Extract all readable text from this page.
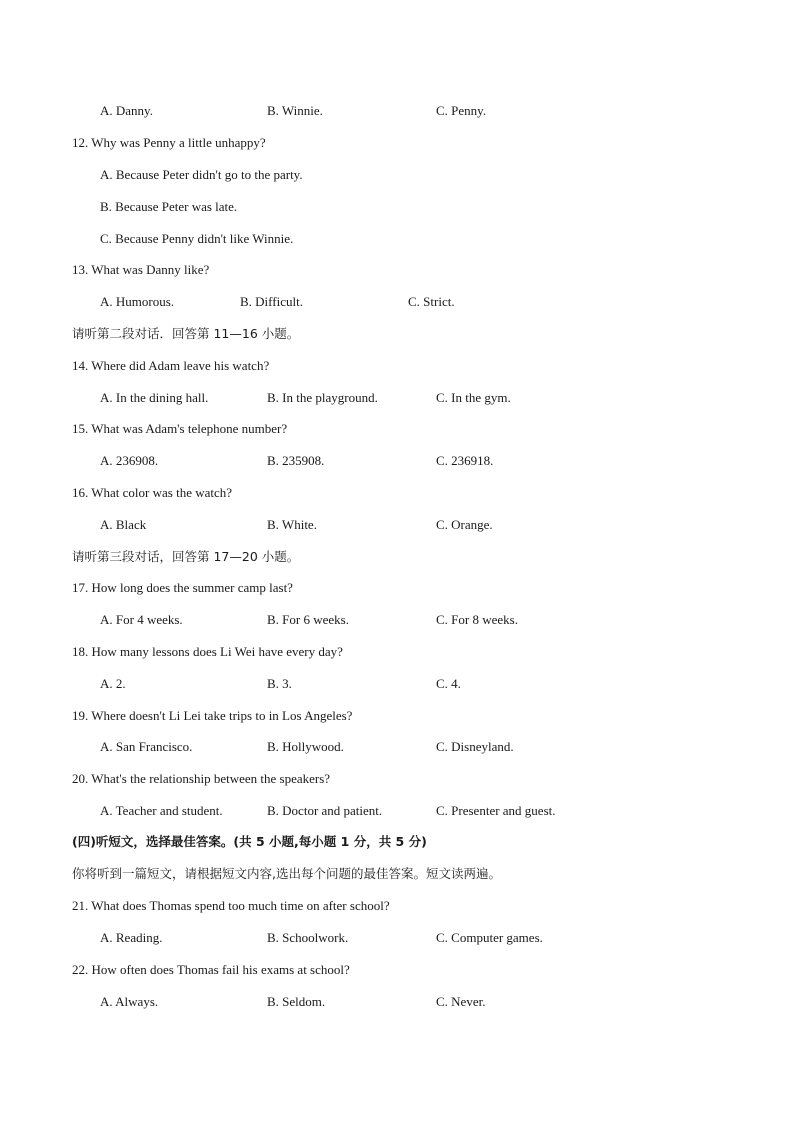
A. Danny.	B. Winnie.	C. Penny.
12. Why was Penny a little unhappy?
A. Because Peter didn't go to the party.
B. Because Peter was late.
C. Because Penny didn't like Winnie.
13. What was Danny like?
A. Humorous.	B. Difficult.	C. Strict.
请听第二段对话．回答第 11—16 小题。
14. Where did Adam leave his watch?
A. In the dining hall.	B. In the playground.	C. In the gym.
15. What was Adam's telephone number?
A. 236908.	B. 235908.	C. 236918.
16. What color was the watch?
A. Black	B. White.	C. Orange.
请听第三段对话，回答第 17—20 小题。
17. How long does the summer camp last?
A. For 4 weeks.	B. For 6 weeks.	C. For 8 weeks.
18. How many lessons does Li Wei have every day?
A. 2.	B. 3.	C. 4.
19. Where doesn't Li Lei take trips to in Los Angeles?
A. San Francisco.	B. Hollywood.	C. Disneyland.
20. What's the relationship between the speakers?
A. Teacher and student.	B. Doctor and patient.	C. Presenter and guest.
(四)听短文，选择最佳答案。(共 5 小题,每小题 1 分，共 5 分)
你将听到一篇短文，请根据短文内容,选出每个问题的最佳答案。短文读两遍。
21. What does Thomas spend too much time on after school?
A. Reading.	B. Schoolwork.	C. Computer games.
22. How often does Thomas fail his exams at school?
A. Always.	B. Seldom.	C. Never.
